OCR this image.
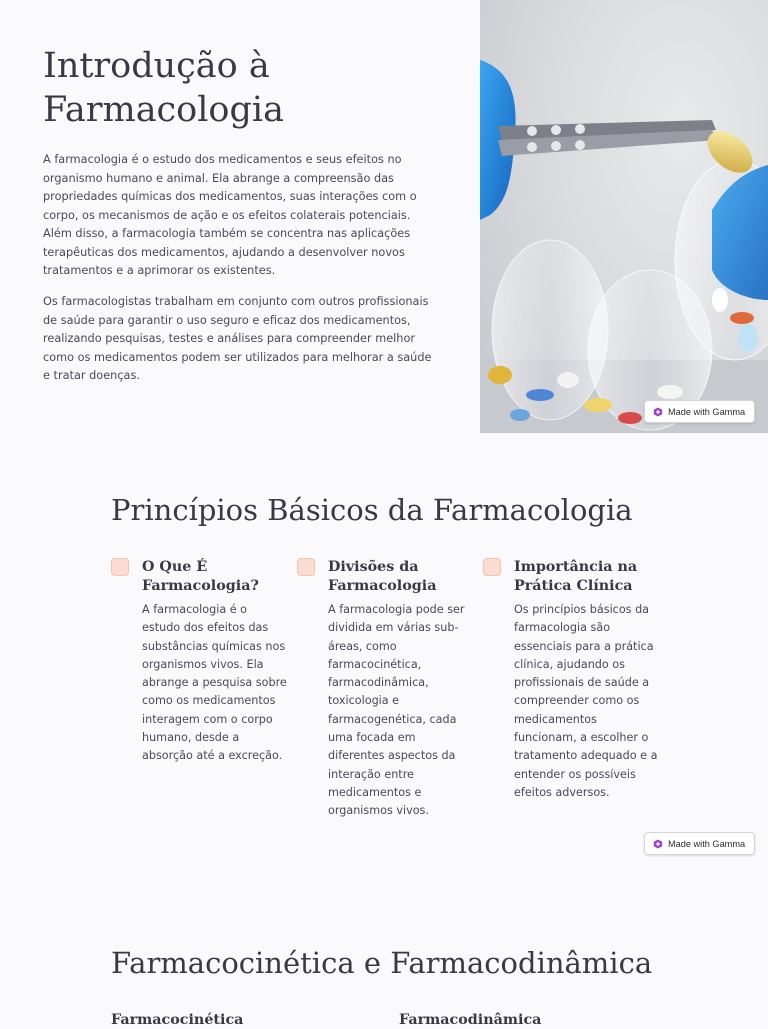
Introdução à Farmacologia

A farmacologia é o estudo dos medicamentos e seus efeitos no organismo humano e animal. Ela abrange a compreensão das propriedades químicas dos medicamentos, suas interações com o corpo, os mecanismos de ação e os efeitos colaterais potenciais. Além disso, a farmacologia também se concentra nas aplicações terapêuticas dos medicamentos, ajudando a desenvolver novos tratamentos e a aprimorar os existentes.

Os farmacologistas trabalham em conjunto com outros profissionais de saúde para garantir o uso seguro e eficaz dos medicamentos, realizando pesquisas, testes e análises para compreender melhor como os medicamentos podem ser utilizados para melhorar a saúde e tratar doenças.

Made with Gamma
Princípios Básicos da Farmacologia
O Que É Farmacologia?

A farmacologia é o estudo dos efeitos das substâncias químicas nos organismos vivos. Ela abrange a pesquisa sobre como os medicamentos interagem com o corpo humano, desde a absorção até a excreção.

Divisões da Farmacologia

A farmacologia pode ser dividida em várias sub-áreas, como farmacocinética, farmacodinâmica, toxicologia e farmacogenética, cada uma focada em diferentes aspectos da interação entre medicamentos e organismos vivos.

Importância na Prática Clínica

Os princípios básicos da farmacologia são essenciais para a prática clínica, ajudando os profissionais de saúde a compreender como os medicamentos funcionam, a escolher o tratamento adequado e a entender os possíveis efeitos adversos.

Made with Gamma
Farmacocinética e Farmacodinâmica
Farmacocinética	Farmacodinâmica
